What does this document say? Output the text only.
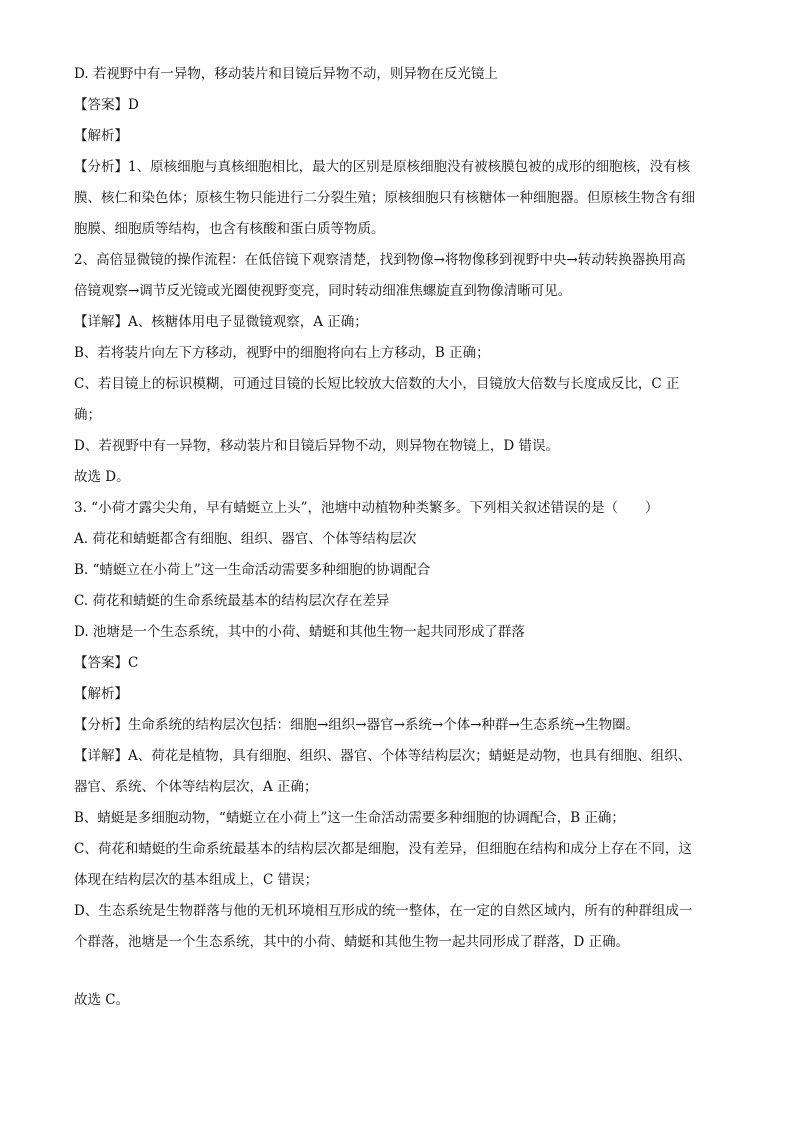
D. 若视野中有一异物，移动装片和目镜后异物不动，则异物在反光镜上

【答案】D

【解析】

【分析】1、原核细胞与真核细胞相比，最大的区别是原核细胞没有被核膜包被的成形的细胞核，没有核

膜、核仁和染色体；原核生物只能进行二分裂生殖；原核细胞只有核糖体一种细胞器。但原核生物含有细

胞膜、细胞质等结构，也含有核酸和蛋白质等物质。

2、高倍显微镜的操作流程：在低倍镜下观察清楚，找到物像→将物像移到视野中央→转动转换器换用高

倍镜观察→调节反光镜或光圈使视野变亮，同时转动细准焦螺旋直到物像清晰可见。

【详解】A、核糖体用电子显微镜观察，A 正确；

B、若将装片向左下方移动，视野中的细胞将向右上方移动，B 正确；

C、若目镜上的标识模糊，可通过目镜的长短比较放大倍数的大小，目镜放大倍数与长度成反比，C 正

确；

D、若视野中有一异物，移动装片和目镜后异物不动，则异物在物镜上，D 错误。

故选 D。

3. “小荷才露尖尖角，早有蜻蜓立上头”，池塘中动植物种类繁多。下列相关叙述错误的是（　　）

A. 荷花和蜻蜓都含有细胞、组织、器官、个体等结构层次

B. “蜻蜓立在小荷上”这一生命活动需要多种细胞的协调配合

C. 荷花和蜻蜓的生命系统最基本的结构层次存在差异

D. 池塘是一个生态系统，其中的小荷、蜻蜓和其他生物一起共同形成了群落

【答案】C

【解析】

【分析】生命系统的结构层次包括：细胞→组织→器官→系统→个体→种群→生态系统→生物圈。

【详解】A、荷花是植物，具有细胞、组织、器官、个体等结构层次；蜻蜓是动物，也具有细胞、组织、

器官、系统、个体等结构层次，A 正确；

B、蜻蜓是多细胞动物，“蜻蜓立在小荷上”这一生命活动需要多种细胞的协调配合，B 正确；

C、荷花和蜻蜓的生命系统最基本的结构层次都是细胞，没有差异，但细胞在结构和成分上存在不同，这

体现在结构层次的基本组成上，C 错误；

D、生态系统是生物群落与他的无机环境相互形成的统一整体，在一定的自然区域内，所有的种群组成一

个群落，池塘是一个生态系统，其中的小荷、蜻蜓和其他生物一起共同形成了群落，D 正确。

故选 C。
